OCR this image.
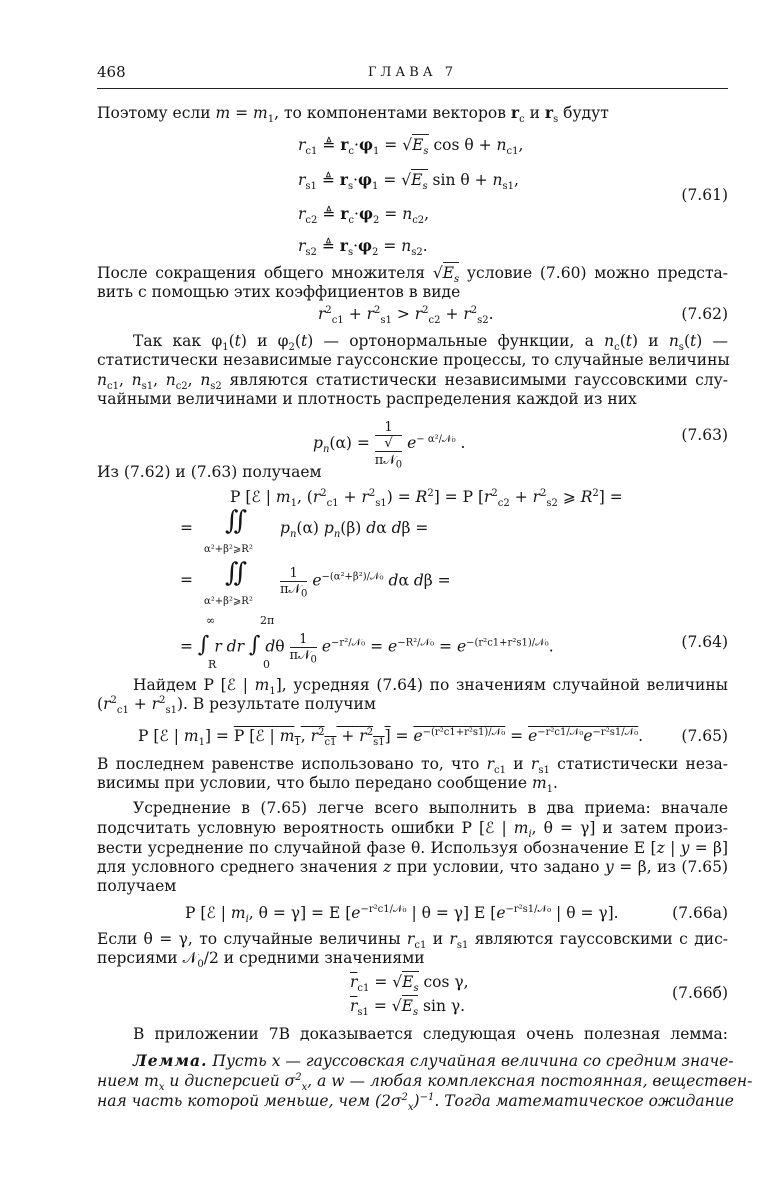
468	ГЛАВА 7
Поэтому если $m = m_1$, то компонентами векторов $r_c$ и $r_s$ будут
$r_{c1}$ ≜ $r_c\cdot\varphi_1 = √E_s$ $\cos \theta + n_{c1}$,
$r_{s1}$ ≜ $r_s\cdot\varphi_1 = √E_s$ $\sin \theta + n_{s1}$,
$r_{c2}$ ≜ $r_c\cdot\varphi_2 = n_{c2}$,
$r_{s2}$ ≜ $r_s\cdot\varphi_2 = n_{s2}$.
(7.61)
После сокращения общего множителя $√E_s$ условие (7.60) можно предста-
вить с помощью этих коэффициентов в виде
$r^2_{c1} + r^2_{s1} > r^2_{c2} + r^2_{s2}$.	(7.62)
Так как $\varphi_1(t)$ и $\varphi_2(t)$ — ортонормальные функции, а $n_c(t)$ и $n_s(t)$ —
статистически независимые гауссонские процессы, то случайные величины
$n_{c1}$, $n_{s1}$, $n_{c2}$, $n_{s2}$ являются статистически независимыми гауссовскими слу-
чайными величинами и плотность распределения каждой из них
$p_n(\alpha) = 1$
√
π𝒩$_0$ $e^{- \alpha^2/𝒩_0}$ .	(7.63)
Из (7.62) и (7.63) получаем
P [ℰ | $m_1$, $(r^2_{c1} + r^2_{s1}) = R^2] = P$ [$r^2_{c2} + r^2_{s2}$ ⩾ $R^2$] =
= ∬
α²+β²⩾R²
$p_n(\alpha)$ $p_n(\beta)$ dα dβ =
= ∬
α²+β²⩾R²
$\frac{1}{\pi 𝒩_0} e^{-(\alpha^2+\beta^2)/𝒩_0}$ dα dβ =
∞	2π
= ∫ r dr ∫ dθ $\frac{1}{\pi 𝒩_0} e^{-r^2/𝒩_0} = e^{-R^2/𝒩_0} = e^{-(r^2c1+r^2s1)/𝒩_0}$.
R	0
(7.64)
Найдем P [ℰ | $m_1$], усредняя (7.64) по значениям случайной величины
$(r^2_{c1} + r^2_{s1})$. В результате получим
P [ℰ | $m_1] = P$ [ℰ | $m_1$, $r^2_{c1} + r^2_{s1}] = e^{-(r^2c1+r^2s1)/𝒩_0} = e^{-r^2c1/𝒩_0}e^{-r^2s1/𝒩_0}$. (7.65)
В последнем равенстве использовано то, что $r_{c1}$ и $r_{s1}$ статистически неза-
висимы при условии, что было передано сообщение $m_1$.
Усреднение в (7.65) легче всего выполнить в два приема: вначале
подсчитать условную вероятность ошибки P [ℰ | $m_i$, θ = γ] и затем произ-
вести усреднение по случайной фазе θ. Используя обозначение E [z | y = β]
для условного среднего значения z при условии, что задано y = β, из (7.65)
получаем
P [ℰ | $m_i$, θ = γ] = E [$e^{-r^2c1/𝒩_0}$ | θ = γ] E [$e^{-r^2s1/𝒩_0}$ | θ = γ].	(7.66а)
Если θ = γ, то случайные величины $r_{c1}$ и $r_{s1}$ являются гауссовскими с дис-
персиями 𝒩$_0$/2 и средними значениями
$\overline{r}_{c1} = √E_s$ cos γ,
$\overline{r}_{s1} = √E_s$ sin γ.
(7.66б)
В приложении 7В доказывается следующая очень полезная лемма:
Лемма. Пусть x — гауссовская случайная величина со средним значе-
нием $m_x$ и дисперсией $\sigma^2_x$, а w — любая комплексная постоянная, веществен-
ная часть которой меньше, чем $(2\sigma^2_x)^{-1}$. Тогда математическое ожидание
